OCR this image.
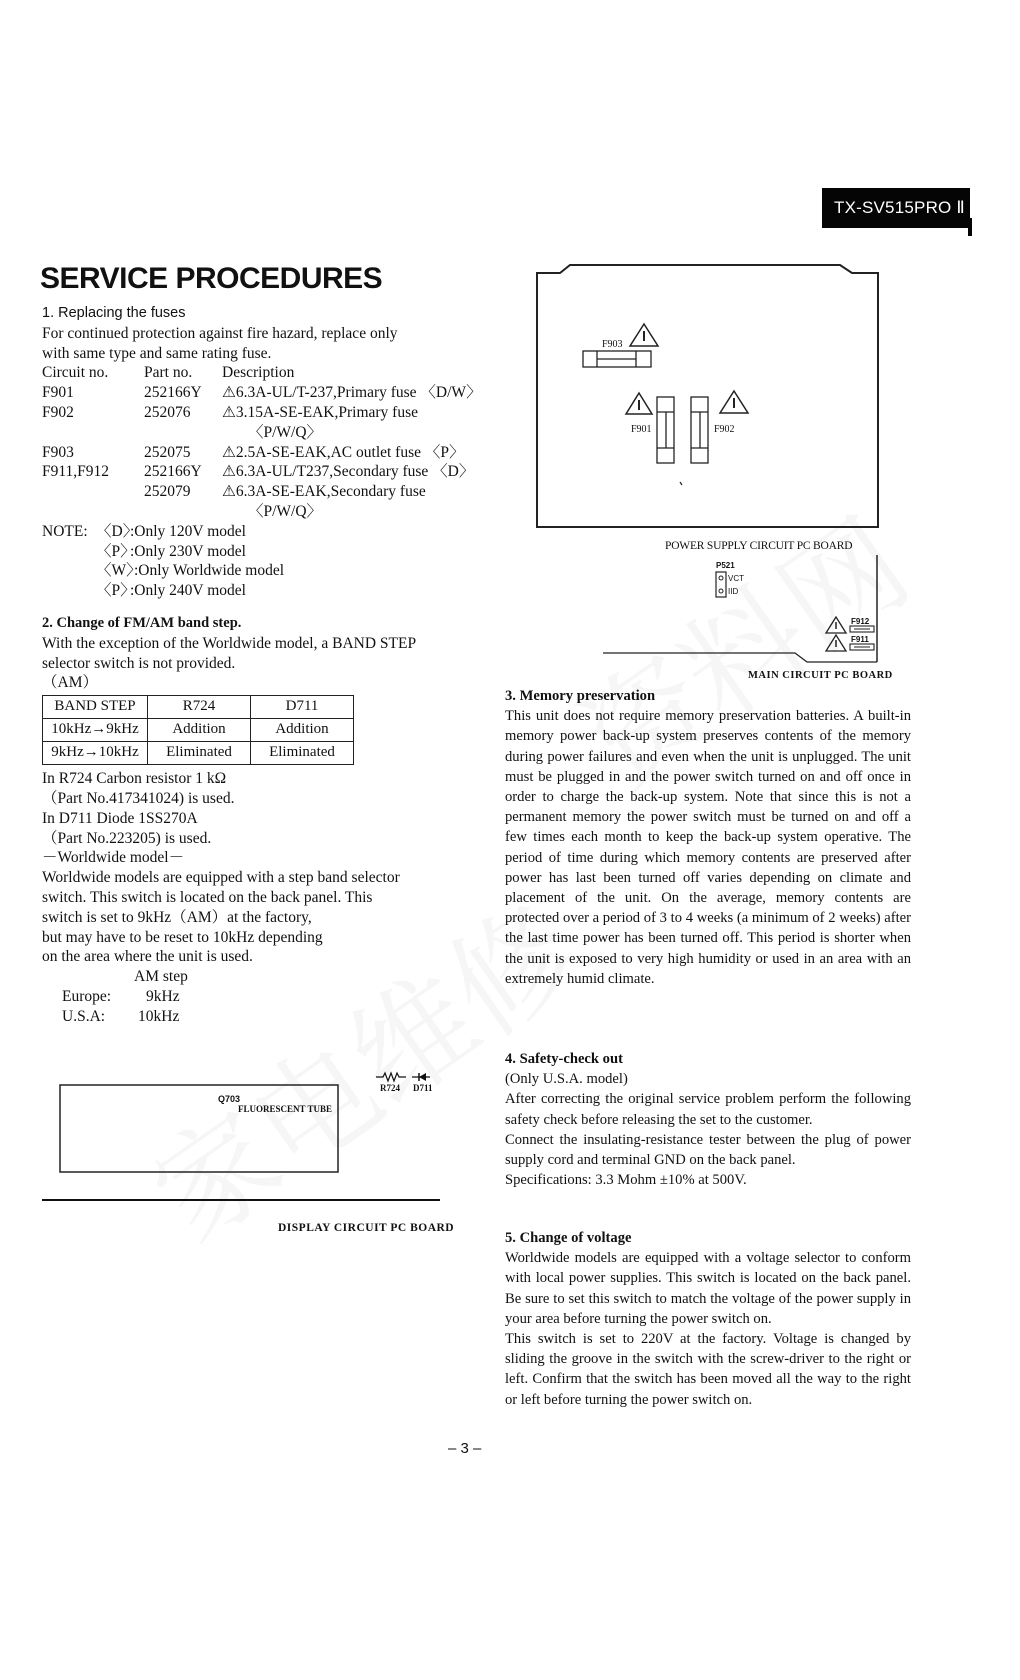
TX-SV515PRO Ⅱ
SERVICE PROCEDURES
1. Replacing the fuses
For continued protection against fire hazard, replace only
with same type and same rating fuse.
Circuit no.	Part no.	Description
F901	252166Y	⚠6.3A-UL/T-237,Primary fuse 〈D/W〉
F902	252076	⚠3.15A-SE-EAK,Primary fuse
〈P/W/Q〉
F903	252075	⚠2.5A-SE-EAK,AC outlet fuse 〈P〉
F911,F912	252166Y	⚠6.3A-UL/T237,Secondary fuse 〈D〉
252079	⚠6.3A-SE-EAK,Secondary fuse
〈P/W/Q〉
NOTE: 〈D〉
:Only 120V model
〈P〉
:Only 230V model
〈W〉
:Only Worldwide model
〈P〉
:Only 240V model
2. Change of FM/AM band step.
With the exception of the Worldwide model, a BAND STEP
selector switch is not provided.
（AM）
BAND STEP	R724	D711
10kHz→9kHz	Addition	Addition
9kHz→10kHz	Eliminated	Eliminated
In R724 Carbon resistor 1 kΩ
（Part No.417341024) is used.
In D711 Diode 1SS270A
（Part No.223205) is used.
－Worldwide model－
Worldwide models are equipped with a step band selector
switch. This switch is located on the back panel. This
switch is set to 9kHz（AM）at the factory,
but may have to be reset to 10kHz depending
on the area where the unit is used.
AM step
Europe:	9kHz
U.S.A:	10kHz
Q703
FLUORESCENT TUBE
R724 D711
DISPLAY CIRCUIT PC BOARD
F903
F901	F902
POWER SUPPLY CIRCUIT PC BOARD
P521
VCT
IID
F912
F911
MAIN CIRCUIT PC BOARD

3. Memory preservation

This unit does not require memory preservation batteries. A built-in memory power back-up system preserves contents of the memory during power failures and even when the unit is unplugged. The unit must be plugged in and the power switch turned on and off once in order to charge the back-up system. Note that since this is not a permanent memory the power switch must be turned on and off a few times each month to keep the back-up system operative. The period of time during which memory contents are preserved after power has last been turned off varies depending on climate and placement of the unit. On the average, memory contents are protected over a period of 3 to 4 weeks (a minimum of 2 weeks) after the last time power has been turned off. This period is shorter when the unit is exposed to very high humidity or used in an area with an extremely humid climate.

4. Safety-check out

(Only U.S.A. model)

After correcting the original service problem perform the following safety check before releasing the set to the customer.

Connect the insulating-resistance tester between the plug of power supply cord and terminal GND on the back panel.

Specifications: 3.3 Mohm ±10% at 500V.

5. Change of voltage

Worldwide models are equipped with a voltage selector to conform with local power supplies. This switch is located on the back panel. Be sure to set this switch to match the voltage of the power supply in your area before turning the power switch on.

This switch is set to 220V at the factory. Voltage is changed by sliding the groove in the switch with the screw-driver to the right or left. Confirm that the switch has been moved all the way to the right or left before turning the power switch on.

– 3 –
